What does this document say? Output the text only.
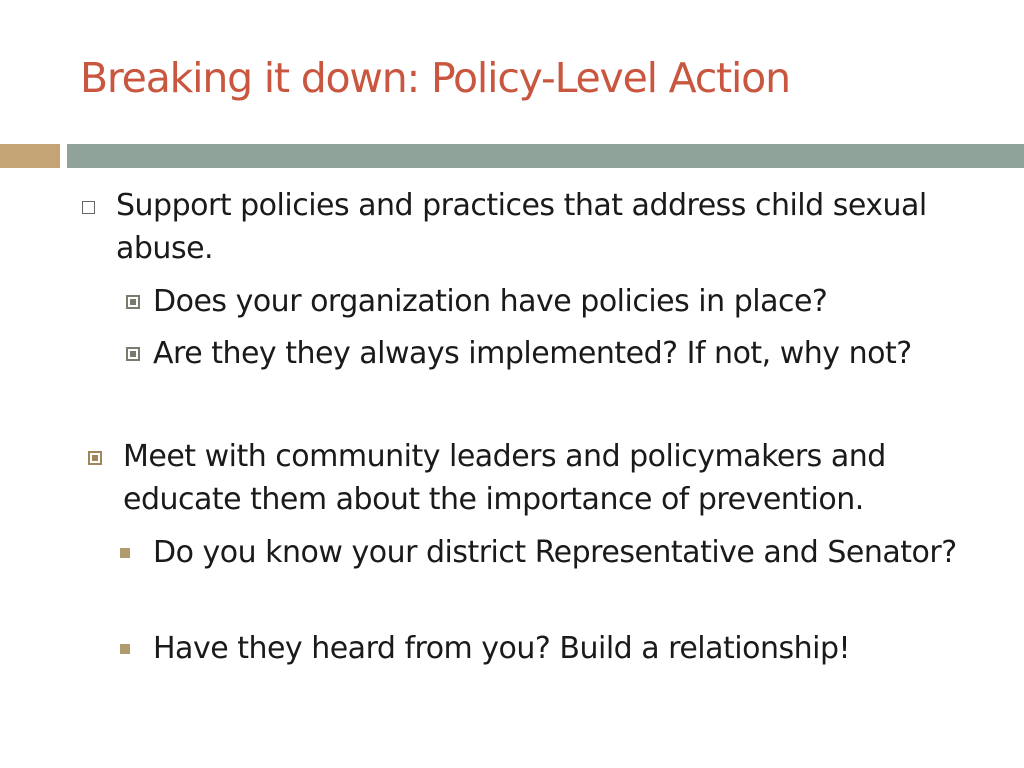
Breaking it down: Policy-Level Action
Support policies and practices that address child sexual abuse.
Does your organization have policies in place?
Are they they always implemented? If not, why not?
Meet with community leaders and policymakers and educate them about the importance of prevention.
Do you know your district Representative and Senator?
Have they heard from you? Build a relationship!
